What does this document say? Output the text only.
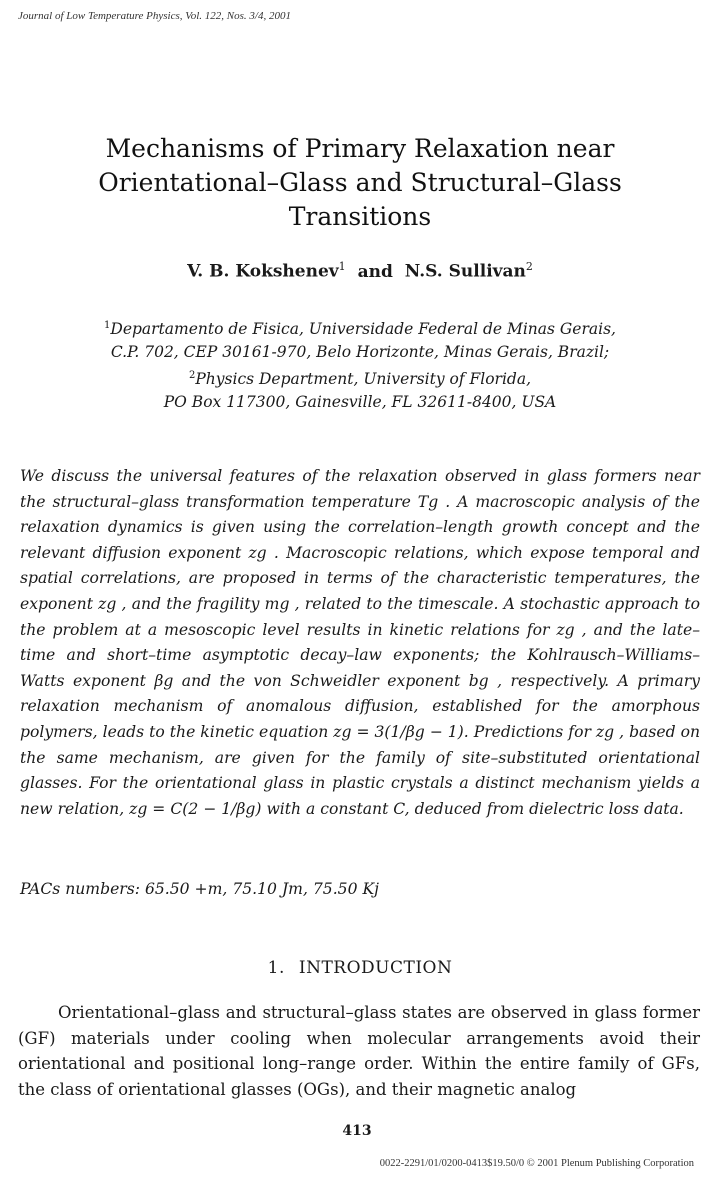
Journal of Low Temperature Physics, Vol. 122, Nos. 3/4, 2001
Mechanisms of Primary Relaxation near
Orientational–Glass and Structural–Glass
Transitions
V. B. Kokshenev$^1$ and N.S. Sullivan$^2$
$^1$Departamento de Fisica, Universidade Federal de Minas Gerais,
C.P. 702, CEP 30161-970, Belo Horizonte, Minas Gerais, Brazil;
$^2$Physics Department, University of Florida,
PO Box 117300, Gainesville, FL 32611-8400, USA

We discuss the universal features of the relaxation observed in glass formers near the structural–glass transformation temperature Tg . A macroscopic analysis of the relaxation dynamics is given using the correlation–length growth concept and the relevant diffusion exponent zg . Macroscopic relations, which expose temporal and spatial correlations, are proposed in terms of the characteristic temperatures, the exponent zg , and the fragility mg , related to the timescale. A stochastic approach to the problem at a mesoscopic level results in kinetic relations for zg , and the late–time and short–time asymptotic decay–law exponents; the Kohlrausch–Williams–Watts exponent βg and the von Schweidler exponent bg , respectively. A primary relaxation mechanism of anomalous diffusion, established for the amorphous polymers, leads to the kinetic equation zg = 3(1/βg − 1). Predictions for zg , based on the same mechanism, are given for the family of site–substituted orientational glasses. For the orientational glass in plastic crystals a distinct mechanism yields a new relation, zg = C(2 − 1/βg) with a constant C, deduced from dielectric loss data.

PACs numbers: 65.50 +m, 75.10 Jm, 75.50 Kj
1. INTRODUCTION

Orientational–glass and structural–glass states are observed in glass former (GF) materials under cooling when molecular arrangements avoid their orientational and positional long–range order. Within the entire family of GFs, the class of orientational glasses (OGs), and their magnetic analog

413
0022-2291/01/0200-0413$19.50/0 © 2001 Plenum Publishing Corporation
